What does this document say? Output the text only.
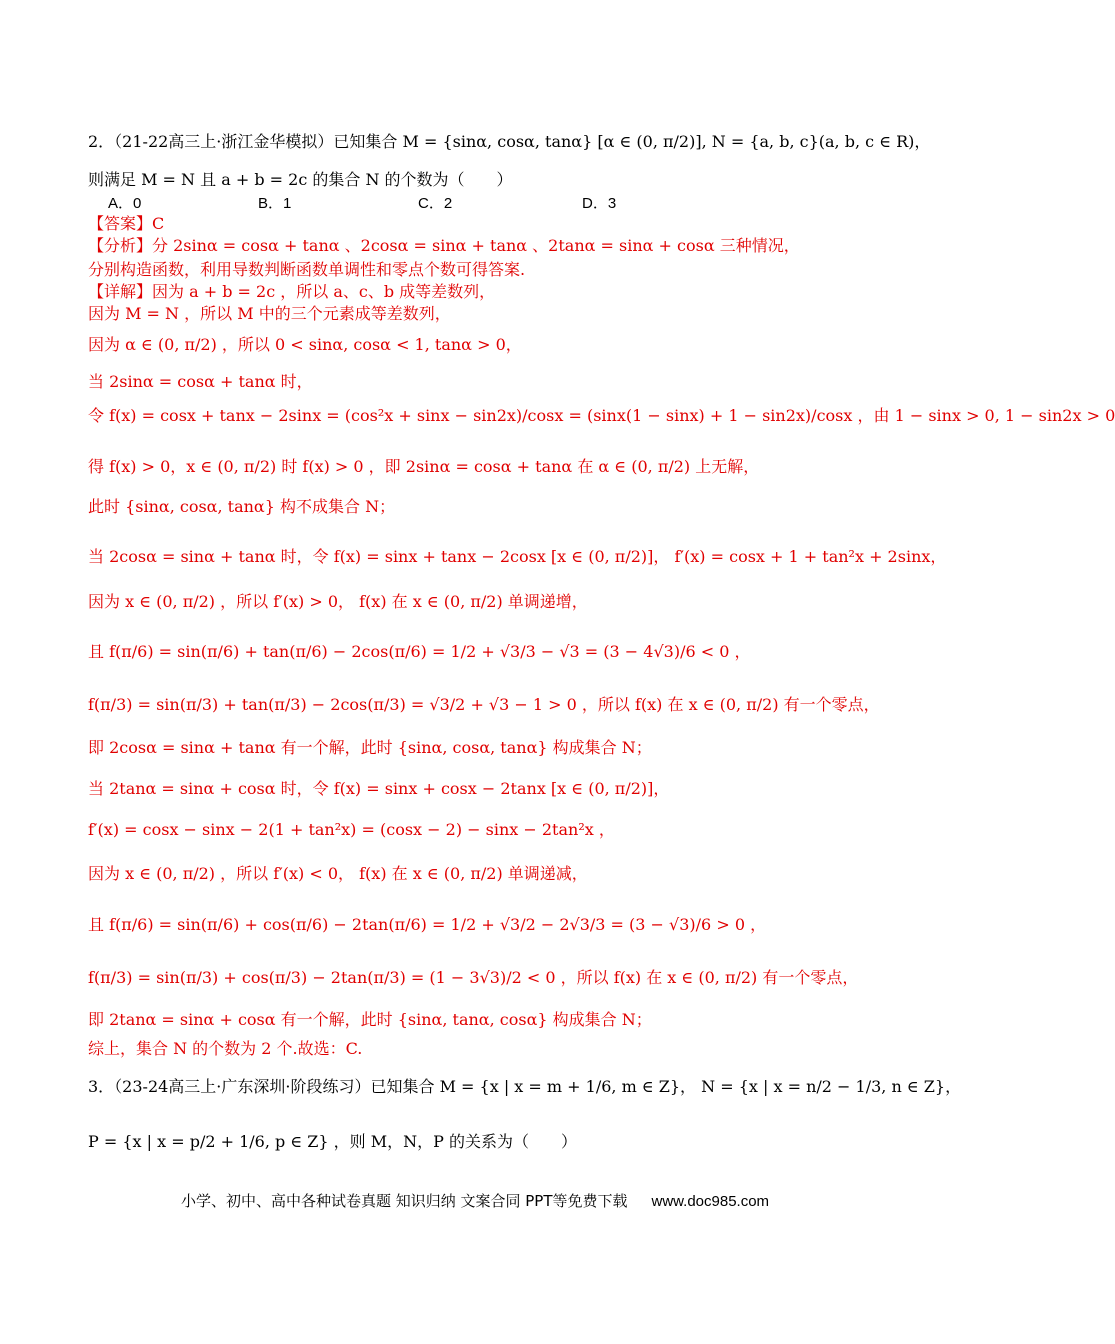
2．（21-22高三上·浙江金华模拟）已知集合 M = {sinα, cosα, tanα} [α ∈ (0, π/2)], N = {a, b, c}(a, b, c ∈ R)，
则满足 M = N 且 a + b = 2c 的集合 N 的个数为（　　）
A．0	B．1	C．2	D．3
【答案】C
【分析】分 2sinα = cosα + tanα 、2cosα = sinα + tanα 、2tanα = sinα + cosα 三种情况，
分别构造函数，利用导数判断函数单调性和零点个数可得答案.
【详解】因为 a + b = 2c ，所以 a、c、b 成等差数列，
因为 M = N ，所以 M 中的三个元素成等差数列，
因为 α ∈ (0, π/2) ，所以 0 < sinα, cosα < 1, tanα > 0，
当 2sinα = cosα + tanα 时，
令 f(x) = cosx + tanx − 2sinx = (cos²x + sinx − sin2x)/cosx = (sinx(1 − sinx) + 1 − sin2x)/cosx ，由 1 − sinx > 0, 1 − sin2x > 0
得 f(x) > 0，x ∈ (0, π/2) 时 f(x) > 0 ，即 2sinα = cosα + tanα 在 α ∈ (0, π/2) 上无解，
此时 {sinα, cosα, tanα} 构不成集合 N；
当 2cosα = sinα + tanα 时，令 f(x) = sinx + tanx − 2cosx [x ∈ (0, π/2)]， f′(x) = cosx + 1 + tan²x + 2sinx，
因为 x ∈ (0, π/2) ，所以 f′(x) > 0， f(x) 在 x ∈ (0, π/2) 单调递增，
且 f(π/6) = sin(π/6) + tan(π/6) − 2cos(π/6) = 1/2 + √3/3 − √3 = (3 − 4√3)/6 < 0 ，
f(π/3) = sin(π/3) + tan(π/3) − 2cos(π/3) = √3/2 + √3 − 1 > 0 ，所以 f(x) 在 x ∈ (0, π/2) 有一个零点，
即 2cosα = sinα + tanα 有一个解，此时 {sinα, cosα, tanα} 构成集合 N；
当 2tanα = sinα + cosα 时，令 f(x) = sinx + cosx − 2tanx [x ∈ (0, π/2)]，
f′(x) = cosx − sinx − 2(1 + tan²x) = (cosx − 2) − sinx − 2tan²x ，
因为 x ∈ (0, π/2) ，所以 f′(x) < 0， f(x) 在 x ∈ (0, π/2) 单调递减，
且 f(π/6) = sin(π/6) + cos(π/6) − 2tan(π/6) = 1/2 + √3/2 − 2√3/3 = (3 − √3)/6 > 0 ，
f(π/3) = sin(π/3) + cos(π/3) − 2tan(π/3) = (1 − 3√3)/2 < 0 ，所以 f(x) 在 x ∈ (0, π/2) 有一个零点，
即 2tanα = sinα + cosα 有一个解，此时 {sinα, tanα, cosα} 构成集合 N；
综上，集合 N 的个数为 2 个.故选：C.
3．（23-24高三上·广东深圳·阶段练习）已知集合 M = {x | x = m + 1/6, m ∈ Z}， N = {x | x = n/2 − 1/3, n ∈ Z}，
P = {x | x = p/2 + 1/6, p ∈ Z} ，则 M，N，P 的关系为（　　）
小学、初中、高中各种试卷真题 知识归纳 文案合同 PPT等免费下载 www.doc985.com
